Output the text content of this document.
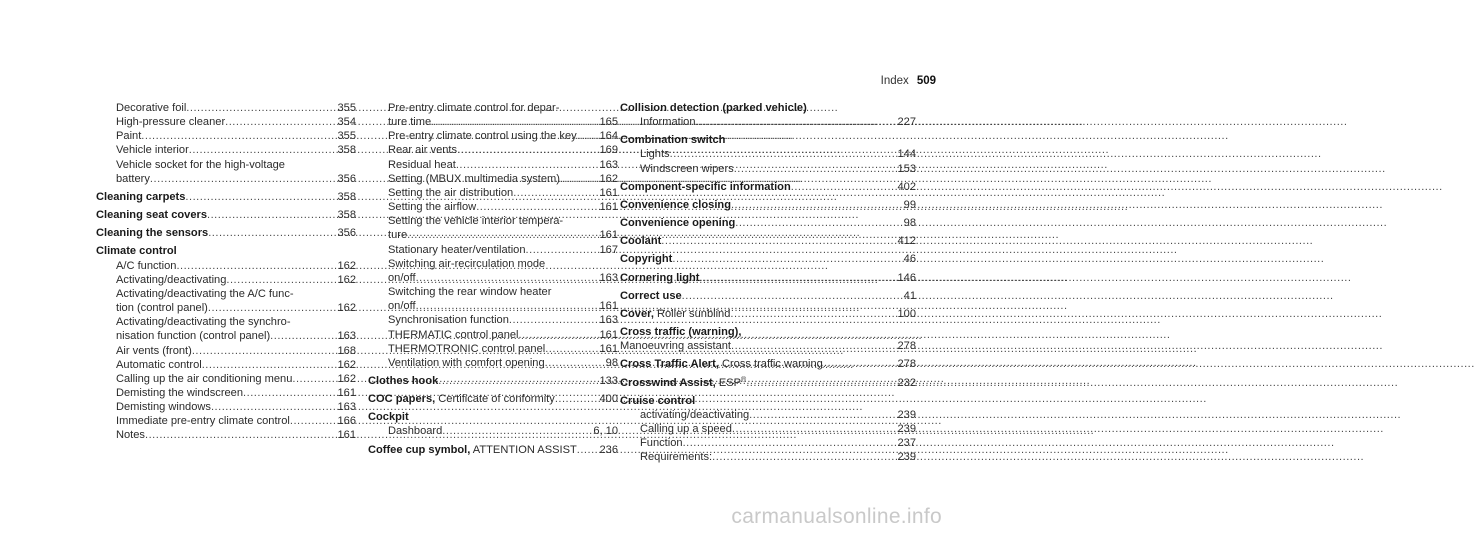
Index 509
Decorative foil .....	355
High-pressure cleaner .....	354
Paint .....	355
Vehicle interior .....	358
Vehicle socket for the high-voltage
battery .....	356
Cleaning carpets .....	358
Cleaning seat covers .....	358
Cleaning the sensors .....	356
Climate control
A/C function .....	162
Activating/deactivating .....	162
Activating/deactivating the A/C func-
tion (control panel) .....	162
Activating/deactivating the synchro-
nisation function (control panel) .....	163
Air vents (front) .....	168
Automatic control .....	162
Calling up the air conditioning menu .....	162
Demisting the windscreen .....	161
Demisting windows .....	163
Immediate pre-entry climate control .....	166
Notes .....	161
Pre-entry climate control for depar-
ture time .....	165
Pre-entry climate control using the key .....	164
Rear air vents .....	169
Residual heat .....	163
Setting (MBUX multimedia system) .....	162
Setting the air distribution .....	161
Setting the airflow .....	161
Setting the vehicle interior tempera-
ture .....	161
Stationary heater/ventilation .....	167
Switching air-recirculation mode
on/off .....	163
Switching the rear window heater
on/off .....	161
Synchronisation function .....	163
THERMATIC control panel .....	161
THERMOTRONIC control panel .....	161
Ventilation with comfort opening .....	98
Clothes hook .....	133
COC papers, Certificate of conformity .....	400
Cockpit
Dashboard .....	6, 10
Coffee cup symbol, ATTENTION ASSIST .....	236
Collision detection (parked vehicle)
Information .....	227
Combination switch
Lights .....	144
Windscreen wipers .....	153
Component-specific information .....	402
Convenience closing .....	99
Convenience opening .....	98
Coolant .....	412
Copyright .....	46
Cornering light .....	146
Correct use .....	41
Cover, Roller sunblind .....	100
Cross traffic (warning),
Manoeuvring assistant .....	278
Cross Traffic Alert, Cross traffic warning .....	278
Crosswind Assist, ESP® .....	232
Cruise control
activating/deactivating .....	239
Calling up a speed .....	239
Function .....	237
Requirements: .....	239
carmanualsonline.info
